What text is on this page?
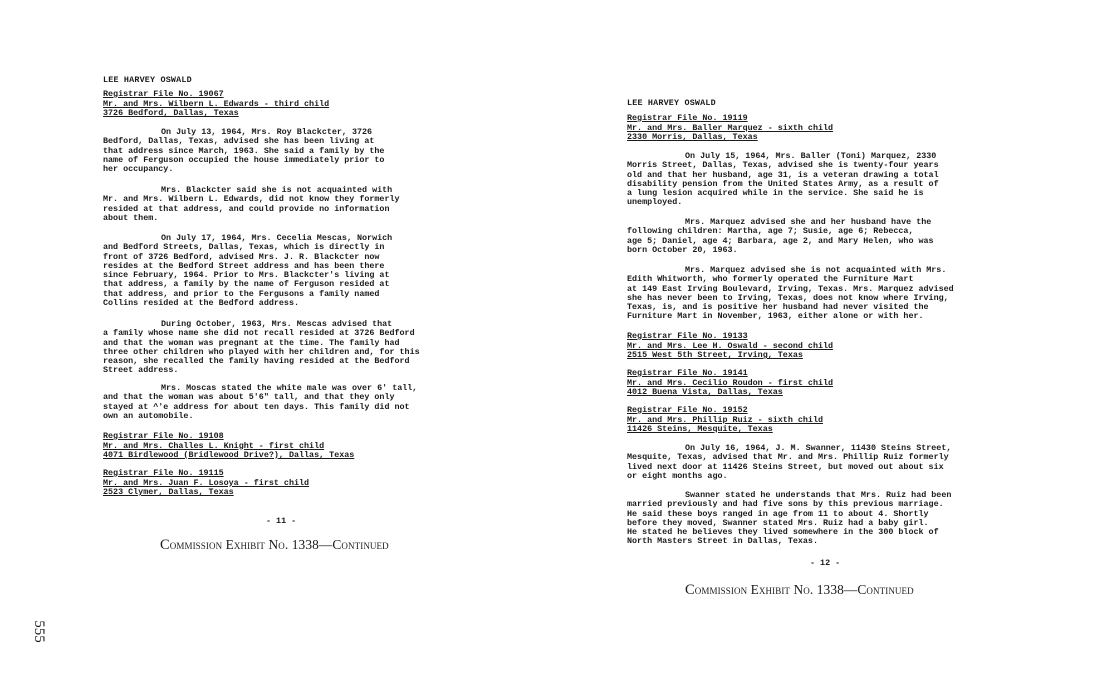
LEE HARVEY OSWALD
Registrar File No. 19067
Mr. and Mrs. Wilbern L. Edwards - third child
3726 Bedford, Dallas, Texas

On July 13, 1964, Mrs. Roy Blackcter, 3726
Bedford, Dallas, Texas, advised she has been living at
that address since March, 1963. She said a family by the
name of Ferguson occupied the house immediately prior to
her occupancy.

Mrs. Blackcter said she is not acquainted with
Mr. and Mrs. Wilbern L. Edwards, did not know they formerly
resided at that address, and could provide no information
about them.

On July 17, 1964, Mrs. Cecelia Mescas, Norwich
and Bedford Streets, Dallas, Texas, which is directly in
front of 3726 Bedford, advised Mrs. J. R. Blackcter now
resides at the Bedford Street address and has been there
since February, 1964. Prior to Mrs. Blackcter's living at
that address, a family by the name of Ferguson resided at
that address, and prior to the Fergusons a family named
Collins resided at the Bedford address.

During October, 1963, Mrs. Mescas advised that
a family whose name she did not recall resided at 3726 Bedford
and that the woman was pregnant at the time. The family had
three other children who played with her children and, for this
reason, she recalled the family having resided at the Bedford
Street address.

Mrs. Moscas stated the white male was over 6' tall,
and that the woman was about 5'6" tall, and that they only
stayed at ^'e address for about ten days. This family did not
own an automobile.

Registrar File No. 19108
Mr. and Mrs. Challes L. Knight - first child
4071 Birdlewood (Bridlewood Drive?), Dallas, Texas
Registrar File No. 19115
Mr. and Mrs. Juan F. Losoya - first child
2523 Clymer, Dallas, Texas
- 11 -
Commission Exhibit No. 1338—Continued
LEE HARVEY OSWALD
Registrar File No. 19119
Mr. and Mrs. Baller Marquez - sixth child
2330 Morris, Dallas, Texas

On July 15, 1964, Mrs. Baller (Toni) Marquez, 2330
Morris Street, Dallas, Texas, advised she is twenty-four years
old and that her husband, age 31, is a veteran drawing a total
disability pension from the United States Army, as a result of
a lung lesion acquired while in the service. She said he is
unemployed.

Mrs. Marquez advised she and her husband have the
following children: Martha, age 7; Susie, age 6; Rebecca,
age 5; Daniel, age 4; Barbara, age 2, and Mary Helen, who was
born October 20, 1963.

Mrs. Marquez advised she is not acquainted with Mrs.
Edith Whitworth, who formerly operated the Furniture Mart
at 149 East Irving Boulevard, Irving, Texas. Mrs. Marquez advised
she has never been to Irving, Texas, does not know where Irving,
Texas, is, and is positive her husband had never visited the
Furniture Mart in November, 1963, either alone or with her.

Registrar File No. 19133
Mr. and Mrs. Lee H. Oswald - second child
2515 West 5th Street, Irving, Texas
Registrar File No. 19141
Mr. and Mrs. Cecilio Roudon - first child
4012 Buena Vista, Dallas, Texas
Registrar File No. 19152
Mr. and Mrs. Phillip Ruiz - sixth child
11426 Steins, Mesquite, Texas

On July 16, 1964, J. M. Swanner, 11430 Steins Street,
Mesquite, Texas, advised that Mr. and Mrs. Phillip Ruiz formerly
lived next door at 11426 Steins Street, but moved out about six
or eight months ago.

Swanner stated he understands that Mrs. Ruiz had been
married previously and had five sons by this previous marriage.
He said these boys ranged in age from 11 to about 4. Shortly
before they moved, Swanner stated Mrs. Ruiz had a baby girl.
He stated he believes they lived somewhere in the 300 block of
North Masters Street in Dallas, Texas.

- 12 -
Commission Exhibit No. 1338—Continued
555
